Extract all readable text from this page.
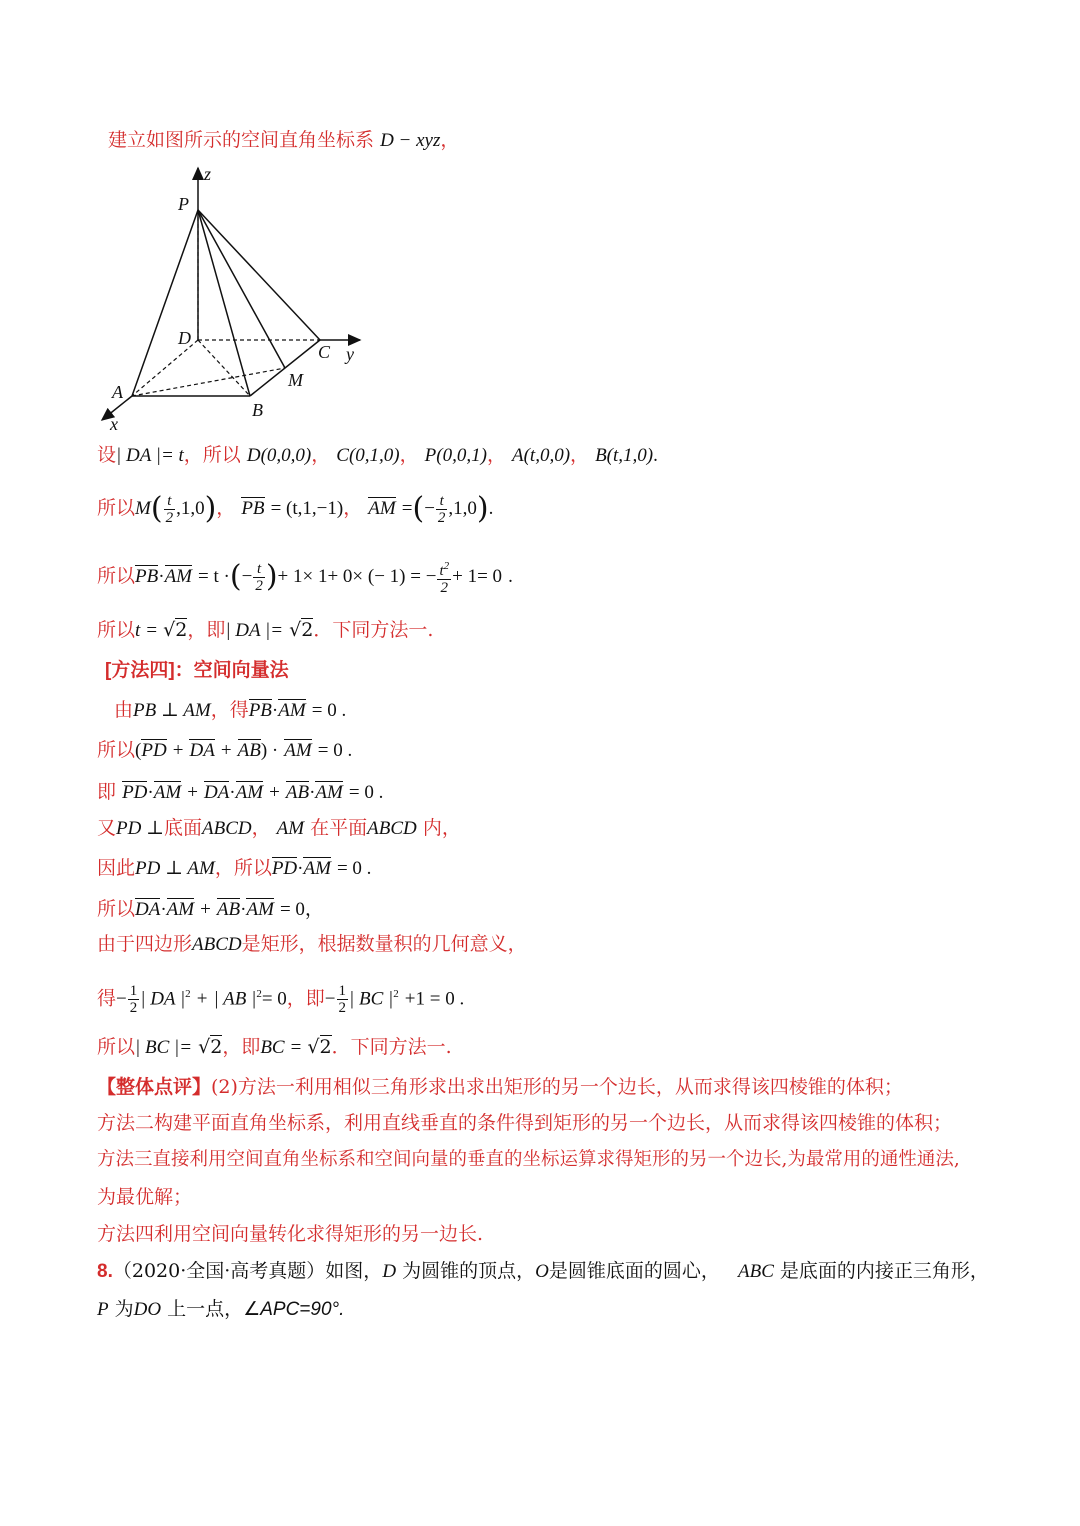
建立如图所示的空间直角坐标系 D − xyz，
z
P
D
C y
M
A
B
x
设| DA |= t，所以 D(0,0,0)， C(0,1,0)， P(0,0,1)， A(t,0,0)， B(t,1,0).
所以$M( \frac{t}{2} ,1,0)$， PB = (t,1,−1)， AM =(− $\frac{t}{2} ,1,0$).
所以PB·AM = t ·(− $\frac{t}{2}$ )+ 1× 1+ 0× (− 1) = − $\frac{t^2}{2} + 1= 0$ .
所以t = √2，即| DA |= √2．下同方法一.
[方法四]：空间向量法
由PB ⊥ AM，得PB·AM = 0 .
所以(PD + DA + AB) · AM = 0 .
即 PD·AM + DA·AM + AB·AM = 0 .
又PD ⊥底面ABCD， AM 在平面ABCD 内，
因此PD ⊥ AM，所以PD·AM = 0 .
所以DA·AM + AB·AM = 0，
由于四边形ABCD是矩形，根据数量积的几何意义，
得− $\frac{1}{2}$ | DA $|^2$ + | AB $|^2= 0$，即− $\frac{1}{2}$ | BC $|^2 +1 = 0$ .
所以| BC |= √2，即BC = √2．下同方法一.
【整体点评】(2)方法一利用相似三角形求出求出矩形的另一个边长，从而求得该四棱锥的体积；
方法二构建平面直角坐标系，利用直线垂直的条件得到矩形的另一个边长，从而求得该四棱锥的体积；
方法三直接利用空间直角坐标系和空间向量的垂直的坐标运算求得矩形的另一个边长,为最常用的通性通法,
为最优解；
方法四利用空间向量转化求得矩形的另一边长.
8.（2020·全国·高考真题）如图，D 为圆锥的顶点，O是圆锥底面的圆心， ABC 是底面的内接正三角形，
P 为DO 上一点，∠APC=90°.
